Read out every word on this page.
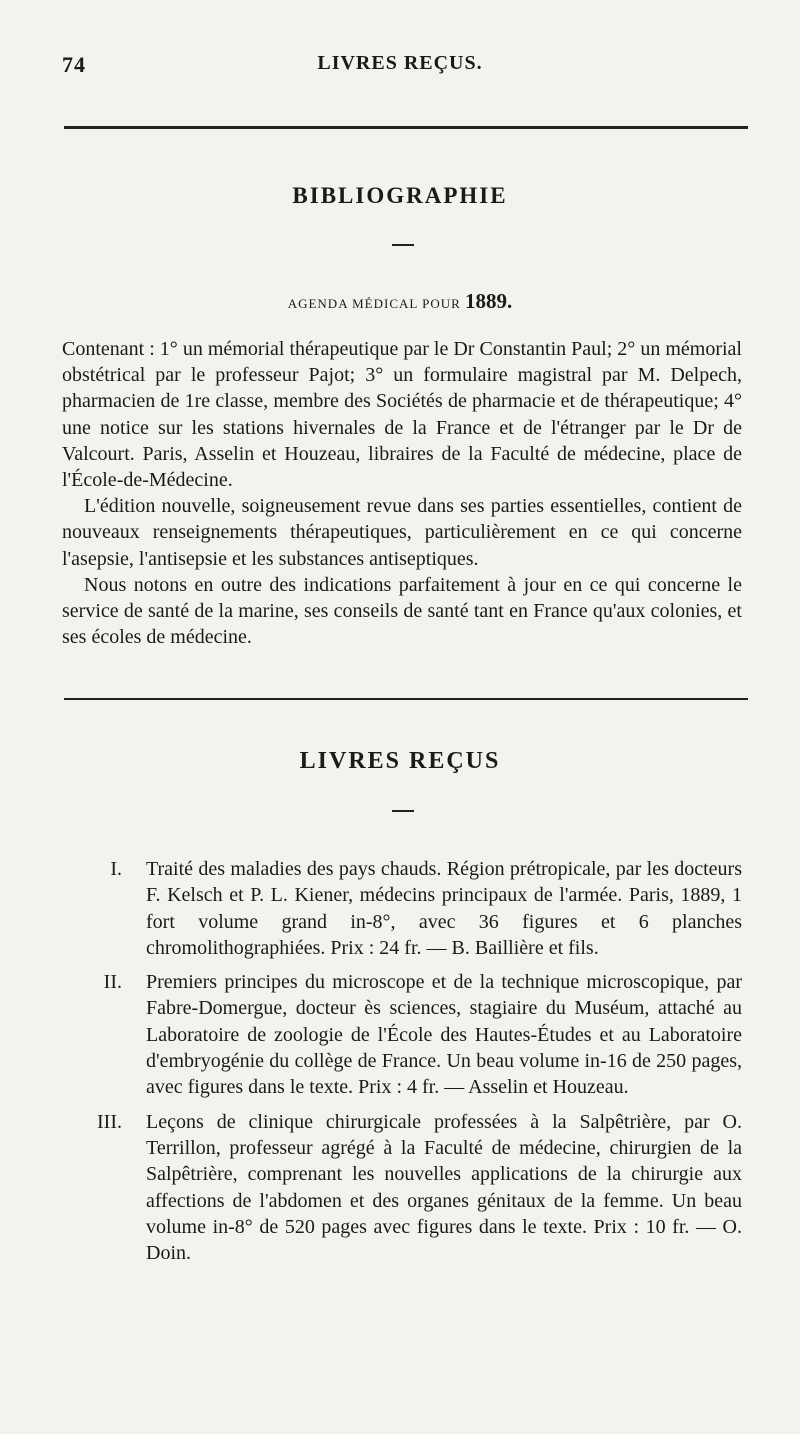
74	LIVRES REÇUS.
BIBLIOGRAPHIE
AGENDA MÉDICAL POUR 1889.

Contenant : 1° un mémorial thérapeutique par le Dr Constantin Paul; 2° un mémorial obstétrical par le professeur Pajot; 3° un formulaire magistral par M. Delpech, pharmacien de 1re classe, membre des Sociétés de pharmacie et de thérapeutique; 4° une notice sur les stations hivernales de la France et de l'étranger par le Dr de Valcourt. Paris, Asselin et Houzeau, libraires de la Faculté de médecine, place de l'École-de-Médecine.

L'édition nouvelle, soigneusement revue dans ses parties essentielles, contient de nouveaux renseignements thérapeutiques, particulièrement en ce qui concerne l'asepsie, l'antisepsie et les substances antiseptiques.

Nous notons en outre des indications parfaitement à jour en ce qui concerne le service de santé de la marine, ses conseils de santé tant en France qu'aux colonies, et ses écoles de médecine.

LIVRES REÇUS
I. Traité des maladies des pays chauds. Région prétropicale, par les docteurs F. Kelsch et P. L. Kiener, médecins principaux de l'armée. Paris, 1889, 1 fort volume grand in-8°, avec 36 figures et 6 planches chromolithographiées. Prix : 24 fr. — B. Baillière et fils.
II. Premiers principes du microscope et de la technique microscopique, par Fabre-Domergue, docteur ès sciences, stagiaire du Muséum, attaché au Laboratoire de zoologie de l'École des Hautes-Études et au Laboratoire d'embryogénie du collège de France. Un beau volume in-16 de 250 pages, avec figures dans le texte. Prix : 4 fr. — Asselin et Houzeau.
III. Leçons de clinique chirurgicale professées à la Salpêtrière, par O. Terrillon, professeur agrégé à la Faculté de médecine, chirurgien de la Salpêtrière, comprenant les nouvelles applications de la chirurgie aux affections de l'abdomen et des organes génitaux de la femme. Un beau volume in-8° de 520 pages avec figures dans le texte. Prix : 10 fr. — O. Doin.
